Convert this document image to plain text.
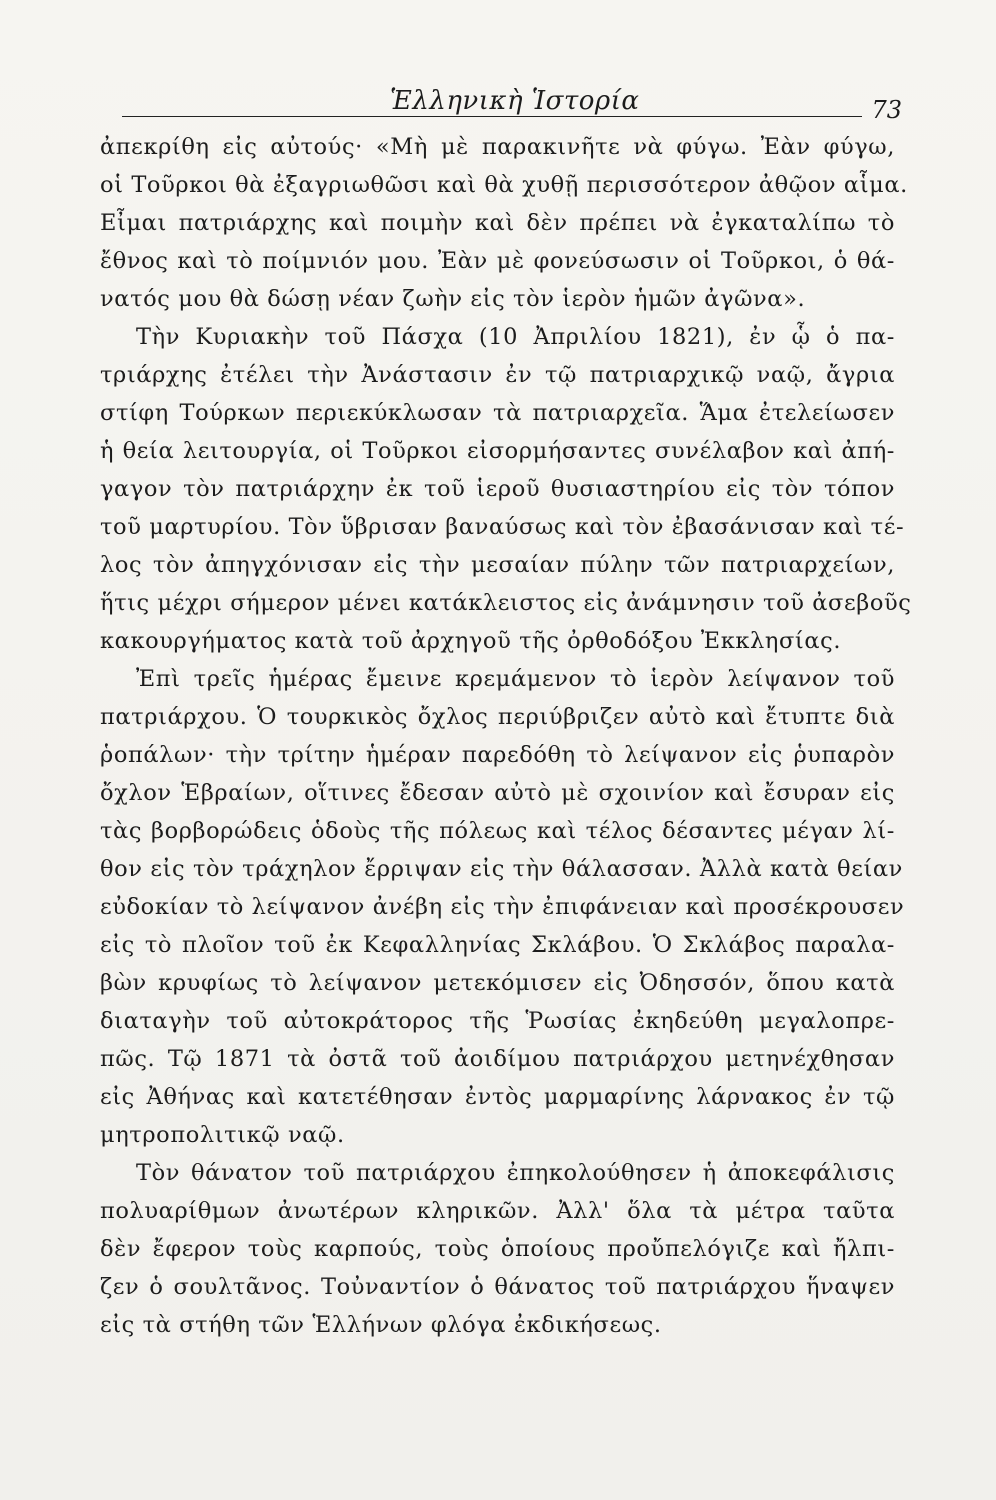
Ἑλληνικὴ Ἱστορία	73
ἀπεκρίθη εἰς αὐτούς· «Μὴ μὲ παρακινῆτε νὰ φύγω. Ἐὰν φύγω,
οἱ Τοῦρκοι θὰ ἐξαγριωθῶσι καὶ θὰ χυθῇ περισσότερον ἀθῷον αἷμα.
Εἶμαι πατριάρχης καὶ ποιμὴν καὶ δὲν πρέπει νὰ ἐγκαταλίπω τὸ
ἔθνος καὶ τὸ ποίμνιόν μου. Ἐὰν μὲ φονεύσωσιν οἱ Τοῦρκοι, ὁ θά-
νατός μου θὰ δώσῃ νέαν ζωὴν εἰς τὸν ἱερὸν ἡμῶν ἀγῶνα».
Τὴν Κυριακὴν τοῦ Πάσχα (10 Ἀπριλίου 1821), ἐν ᾧ ὁ πα-
τριάρχης ἐτέλει τὴν Ἀνάστασιν ἐν τῷ πατριαρχικῷ ναῷ, ἄγρια
στίφη Τούρκων περιεκύκλωσαν τὰ πατριαρχεῖα. Ἅμα ἐτελείωσεν
ἡ θεία λειτουργία, οἱ Τοῦρκοι εἰσορμήσαντες συνέλαβον καὶ ἀπή-
γαγον τὸν πατριάρχην ἐκ τοῦ ἱεροῦ θυσιαστηρίου εἰς τὸν τόπον
τοῦ μαρτυρίου. Τὸν ὕβρισαν βαναύσως καὶ τὸν ἐβασάνισαν καὶ τέ-
λος τὸν ἀπηγχόνισαν εἰς τὴν μεσαίαν πύλην τῶν πατριαρχείων,
ἥτις μέχρι σήμερον μένει κατάκλειστος εἰς ἀνάμνησιν τοῦ ἀσεβοῦς
κακουργήματος κατὰ τοῦ ἀρχηγοῦ τῆς ὀρθοδόξου Ἐκκλησίας.
Ἐπὶ τρεῖς ἡμέρας ἔμεινε κρεμάμενον τὸ ἱερὸν λείψανον τοῦ
πατριάρχου. Ὁ τουρκικὸς ὄχλος περιύβριζεν αὐτὸ καὶ ἔτυπτε διὰ
ῥοπάλων· τὴν τρίτην ἡμέραν παρεδόθη τὸ λείψανον εἰς ῥυπαρὸν
ὄχλον Ἑβραίων, οἵτινες ἔδεσαν αὐτὸ μὲ σχοινίον καὶ ἔσυραν εἰς
τὰς βορβορώδεις ὁδοὺς τῆς πόλεως καὶ τέλος δέσαντες μέγαν λί-
θον εἰς τὸν τράχηλον ἔρριψαν εἰς τὴν θάλασσαν. Ἀλλὰ κατὰ θείαν
εὐδοκίαν τὸ λείψανον ἀνέβη εἰς τὴν ἐπιφάνειαν καὶ προσέκρουσεν
εἰς τὸ πλοῖον τοῦ ἐκ Κεφαλληνίας Σκλάβου. Ὁ Σκλάβος παραλα-
βὼν κρυφίως τὸ λείψανον μετεκόμισεν εἰς Ὀδησσόν, ὅπου κατὰ
διαταγὴν τοῦ αὐτοκράτορος τῆς Ῥωσίας ἐκηδεύθη μεγαλοπρε-
πῶς. Τῷ 1871 τὰ ὀστᾶ τοῦ ἀοιδίμου πατριάρχου μετηνέχθησαν
εἰς Ἀθήνας καὶ κατετέθησαν ἐντὸς μαρμαρίνης λάρνακος ἐν τῷ
μητροπολιτικῷ ναῷ.
Τὸν θάνατον τοῦ πατριάρχου ἐπηκολούθησεν ἡ ἀποκεφάλισις
πολυαρίθμων ἀνωτέρων κληρικῶν. Ἀλλ' ὅλα τὰ μέτρα ταῦτα
δὲν ἔφερον τοὺς καρπούς, τοὺς ὁποίους προὔπελόγιζε καὶ ἤλπι-
ζεν ὁ σουλτᾶνος. Τοὐναντίον ὁ θάνατος τοῦ πατριάρχου ἥναψεν
εἰς τὰ στήθη τῶν Ἑλλήνων φλόγα ἐκδικήσεως.
